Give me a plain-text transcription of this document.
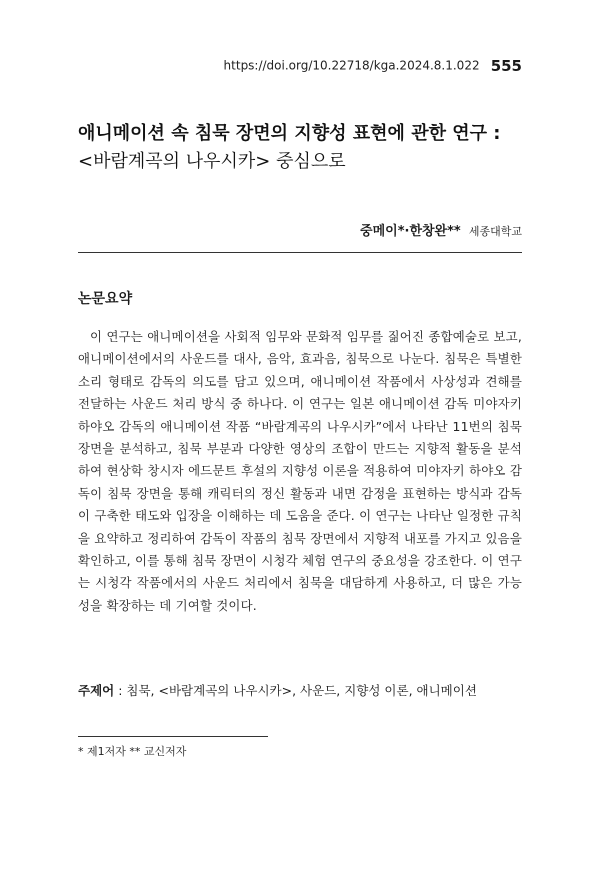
https://doi.org/10.22718/kga.2024.8.1.022 555
애니메이션 속 침묵 장면의 지향성 표현에 관한 연구 :
<바람계곡의 나우시카> 중심으로
중메이*·한창완** 세종대학교
논문요약
이 연구는 애니메이션을 사회적 임무와 문화적 임무를 짊어진 종합예술로 보고, 애니메이션에서의 사운드를 대사, 음악, 효과음, 침묵으로 나눈다. 침묵은 특별한 소리 형태로 감독의 의도를 담고 있으며, 애니메이션 작품에서 사상성과 견해를 전달하는 사운드 처리 방식 중 하나다. 이 연구는 일본 애니메이션 감독 미야자키 하야오 감독의 애니메이션 작품 “바람계곡의 나우시카”에서 나타난 11번의 침묵 장면을 분석하고, 침묵 부분과 다양한 영상의 조합이 만드는 지향적 활동을 분석하여 현상학 창시자 에드문트 후설의 지향성 이론을 적용하여 미야자키 하야오 감독이 침묵 장면을 통해 캐릭터의 정신 활동과 내면 감정을 표현하는 방식과 감독이 구축한 태도와 입장을 이해하는 데 도움을 준다. 이 연구는 나타난 일정한 규칙을 요약하고 정리하여 감독이 작품의 침묵 장면에서 지향적 내포를 가지고 있음을 확인하고, 이를 통해 침묵 장면이 시청각 체험 연구의 중요성을 강조한다. 이 연구는 시청각 작품에서의 사운드 처리에서 침묵을 대담하게 사용하고, 더 많은 가능성을 확장하는 데 기여할 것이다.
주제어 : 침묵, <바람계곡의 나우시카>, 사운드, 지향성 이론, 애니메이션
* 제1저자 ** 교신저자
